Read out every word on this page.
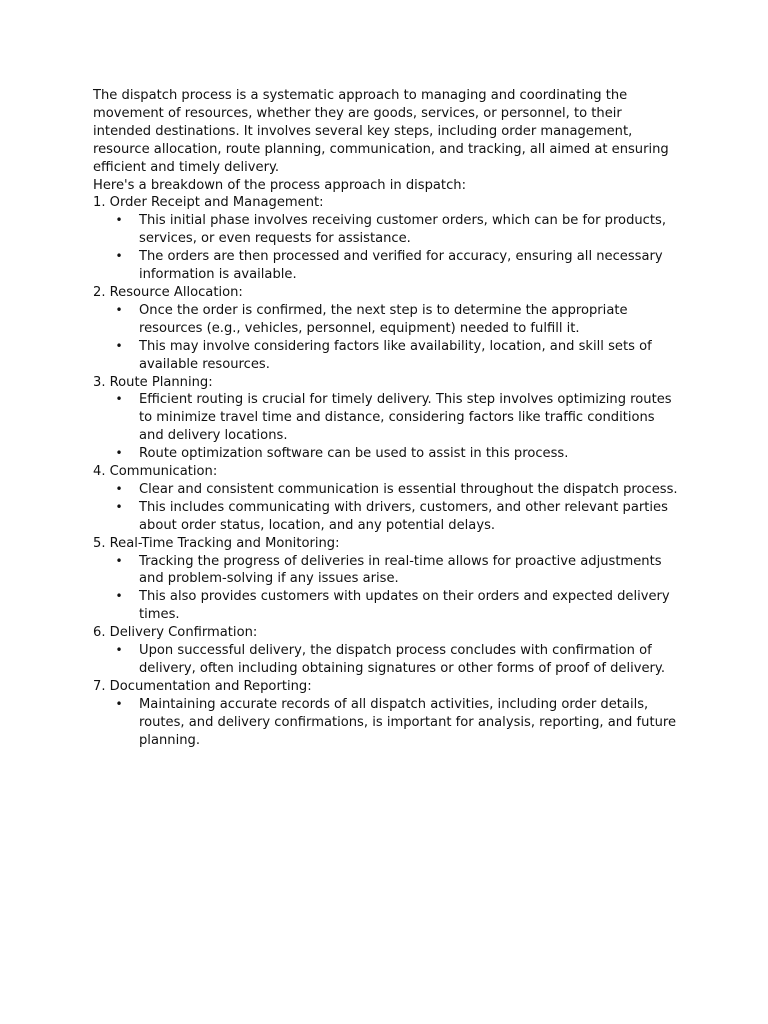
The dispatch process is a systematic approach to managing and coordinating the movement of resources, whether they are goods, services, or personnel, to their intended destinations. It involves several key steps, including order management, resource allocation, route planning, communication, and tracking, all aimed at ensuring efficient and timely delivery.

Here's a breakdown of the process approach in dispatch:

1. Order Receipt and Management:

• This initial phase involves receiving customer orders, which can be for products, services, or even requests for assistance.
• The orders are then processed and verified for accuracy, ensuring all necessary information is available.

2. Resource Allocation:

• Once the order is confirmed, the next step is to determine the appropriate resources (e.g., vehicles, personnel, equipment) needed to fulfill it.
• This may involve considering factors like availability, location, and skill sets of available resources.

3. Route Planning:

• Efficient routing is crucial for timely delivery. This step involves optimizing routes to minimize travel time and distance, considering factors like traffic conditions and delivery locations.
• Route optimization software can be used to assist in this process.

4. Communication:

• Clear and consistent communication is essential throughout the dispatch process.
• This includes communicating with drivers, customers, and other relevant parties about order status, location, and any potential delays.

5. Real-Time Tracking and Monitoring:

• Tracking the progress of deliveries in real-time allows for proactive adjustments and problem-solving if any issues arise.
• This also provides customers with updates on their orders and expected delivery times.

6. Delivery Confirmation:

• Upon successful delivery, the dispatch process concludes with confirmation of delivery, often including obtaining signatures or other forms of proof of delivery.

7. Documentation and Reporting:

• Maintaining accurate records of all dispatch activities, including order details, routes, and delivery confirmations, is important for analysis, reporting, and future planning.
